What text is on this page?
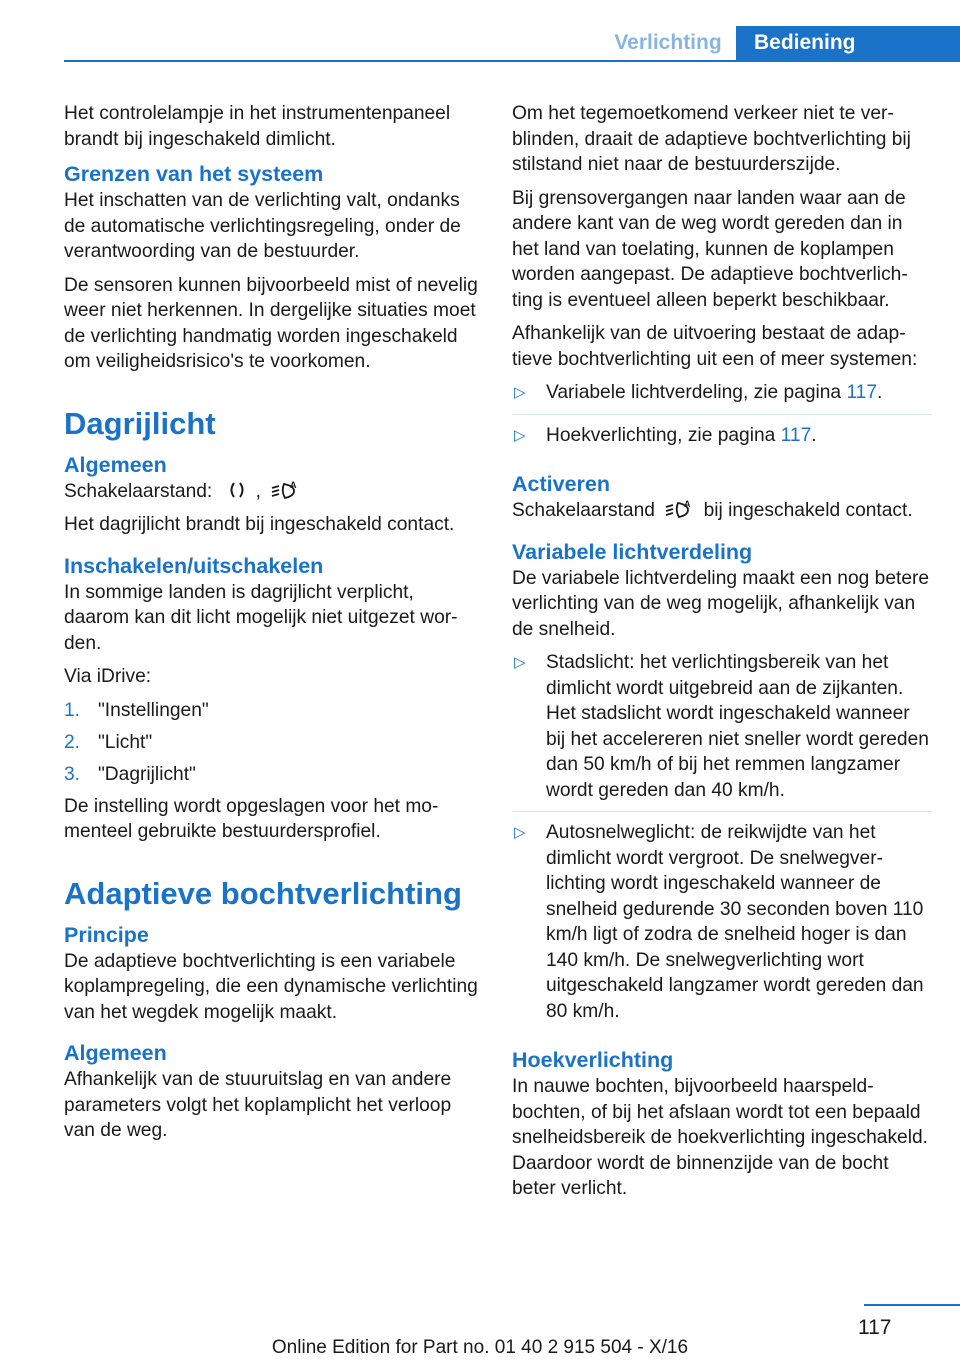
Verlichting	Bediening

Het controlelampje in het instrumentenpaneel brandt bij ingeschakeld dimlicht.

Grenzen van het systeem

Het inschatten van de verlichting valt, ondanks de automatische verlichtingsregeling, onder de verantwoording van de bestuurder.

De sensoren kunnen bijvoorbeeld mist of nevelig weer niet herkennen. In dergelijke situaties moet de verlichting handmatig worden ingeschakeld om veiligheidsrisico's te voorkomen.

Dagrijlicht
Algemeen

Schakelaarstand: ,	A

Het dagrijlicht brandt bij ingeschakeld contact.

Inschakelen/uitschakelen

In sommige landen is dagrijlicht verplicht, daarom kan dit licht mogelijk niet uitgezet worden.

Via iDrive:

1. "Instellingen"
2. "Licht"
3. "Dagrijlicht"

De instelling wordt opgeslagen voor het momenteel gebruikte bestuurdersprofiel.

Adaptieve bochtverlichting
Principe

De adaptieve bochtverlichting is een variabele koplampregeling, die een dynamische verlichting van het wegdek mogelijk maakt.

Algemeen

Afhankelijk van de stuuruitslag en van andere parameters volgt het koplamplicht het verloop van de weg.

Om het tegemoetkomend verkeer niet te verblinden, draait de adaptieve bochtverlichting bij stilstand niet naar de bestuurderszijde.

Bij grensovergangen naar landen waar aan de andere kant van de weg wordt gereden dan in het land van toelating, kunnen de koplampen worden aangepast. De adaptieve bochtverlichting is eventueel alleen beperkt beschikbaar.

Afhankelijk van de uitvoering bestaat de adaptieve bochtverlichting uit een of meer systemen:

▷ Variabele lichtverdeling, zie pagina 117.
▷ Hoekverlichting, zie pagina 117.
Activeren

Schakelaarstand	A bij ingeschakeld contact.

Variabele lichtverdeling

De variabele lichtverdeling maakt een nog betere verlichting van de weg mogelijk, afhankelijk van de snelheid.

▷ Stadslicht: het verlichtingsbereik van het dimlicht wordt uitgebreid aan de zijkanten. Het stadslicht wordt ingeschakeld wanneer bij het accelereren niet sneller wordt gereden dan 50 km/h of bij het remmen langzamer wordt gereden dan 40 km/h.
▷ Autosnelweglicht: de reikwijdte van het dimlicht wordt vergroot. De snelwegverlichting wordt ingeschakeld wanneer de snelheid gedurende 30 seconden boven 110 km/h ligt of zodra de snelheid hoger is dan 140 km/h. De snelwegverlichting wort uitgeschakeld langzamer wordt gereden dan 80 km/h.
Hoekverlichting

In nauwe bochten, bijvoorbeeld haarspeldbochten, of bij het afslaan wordt tot een bepaald snelheidsbereik de hoekverlichting ingeschakeld. Daardoor wordt de binnenzijde van de bocht beter verlicht.

117
Online Edition for Part no. 01 40 2 915 504 - X/16
